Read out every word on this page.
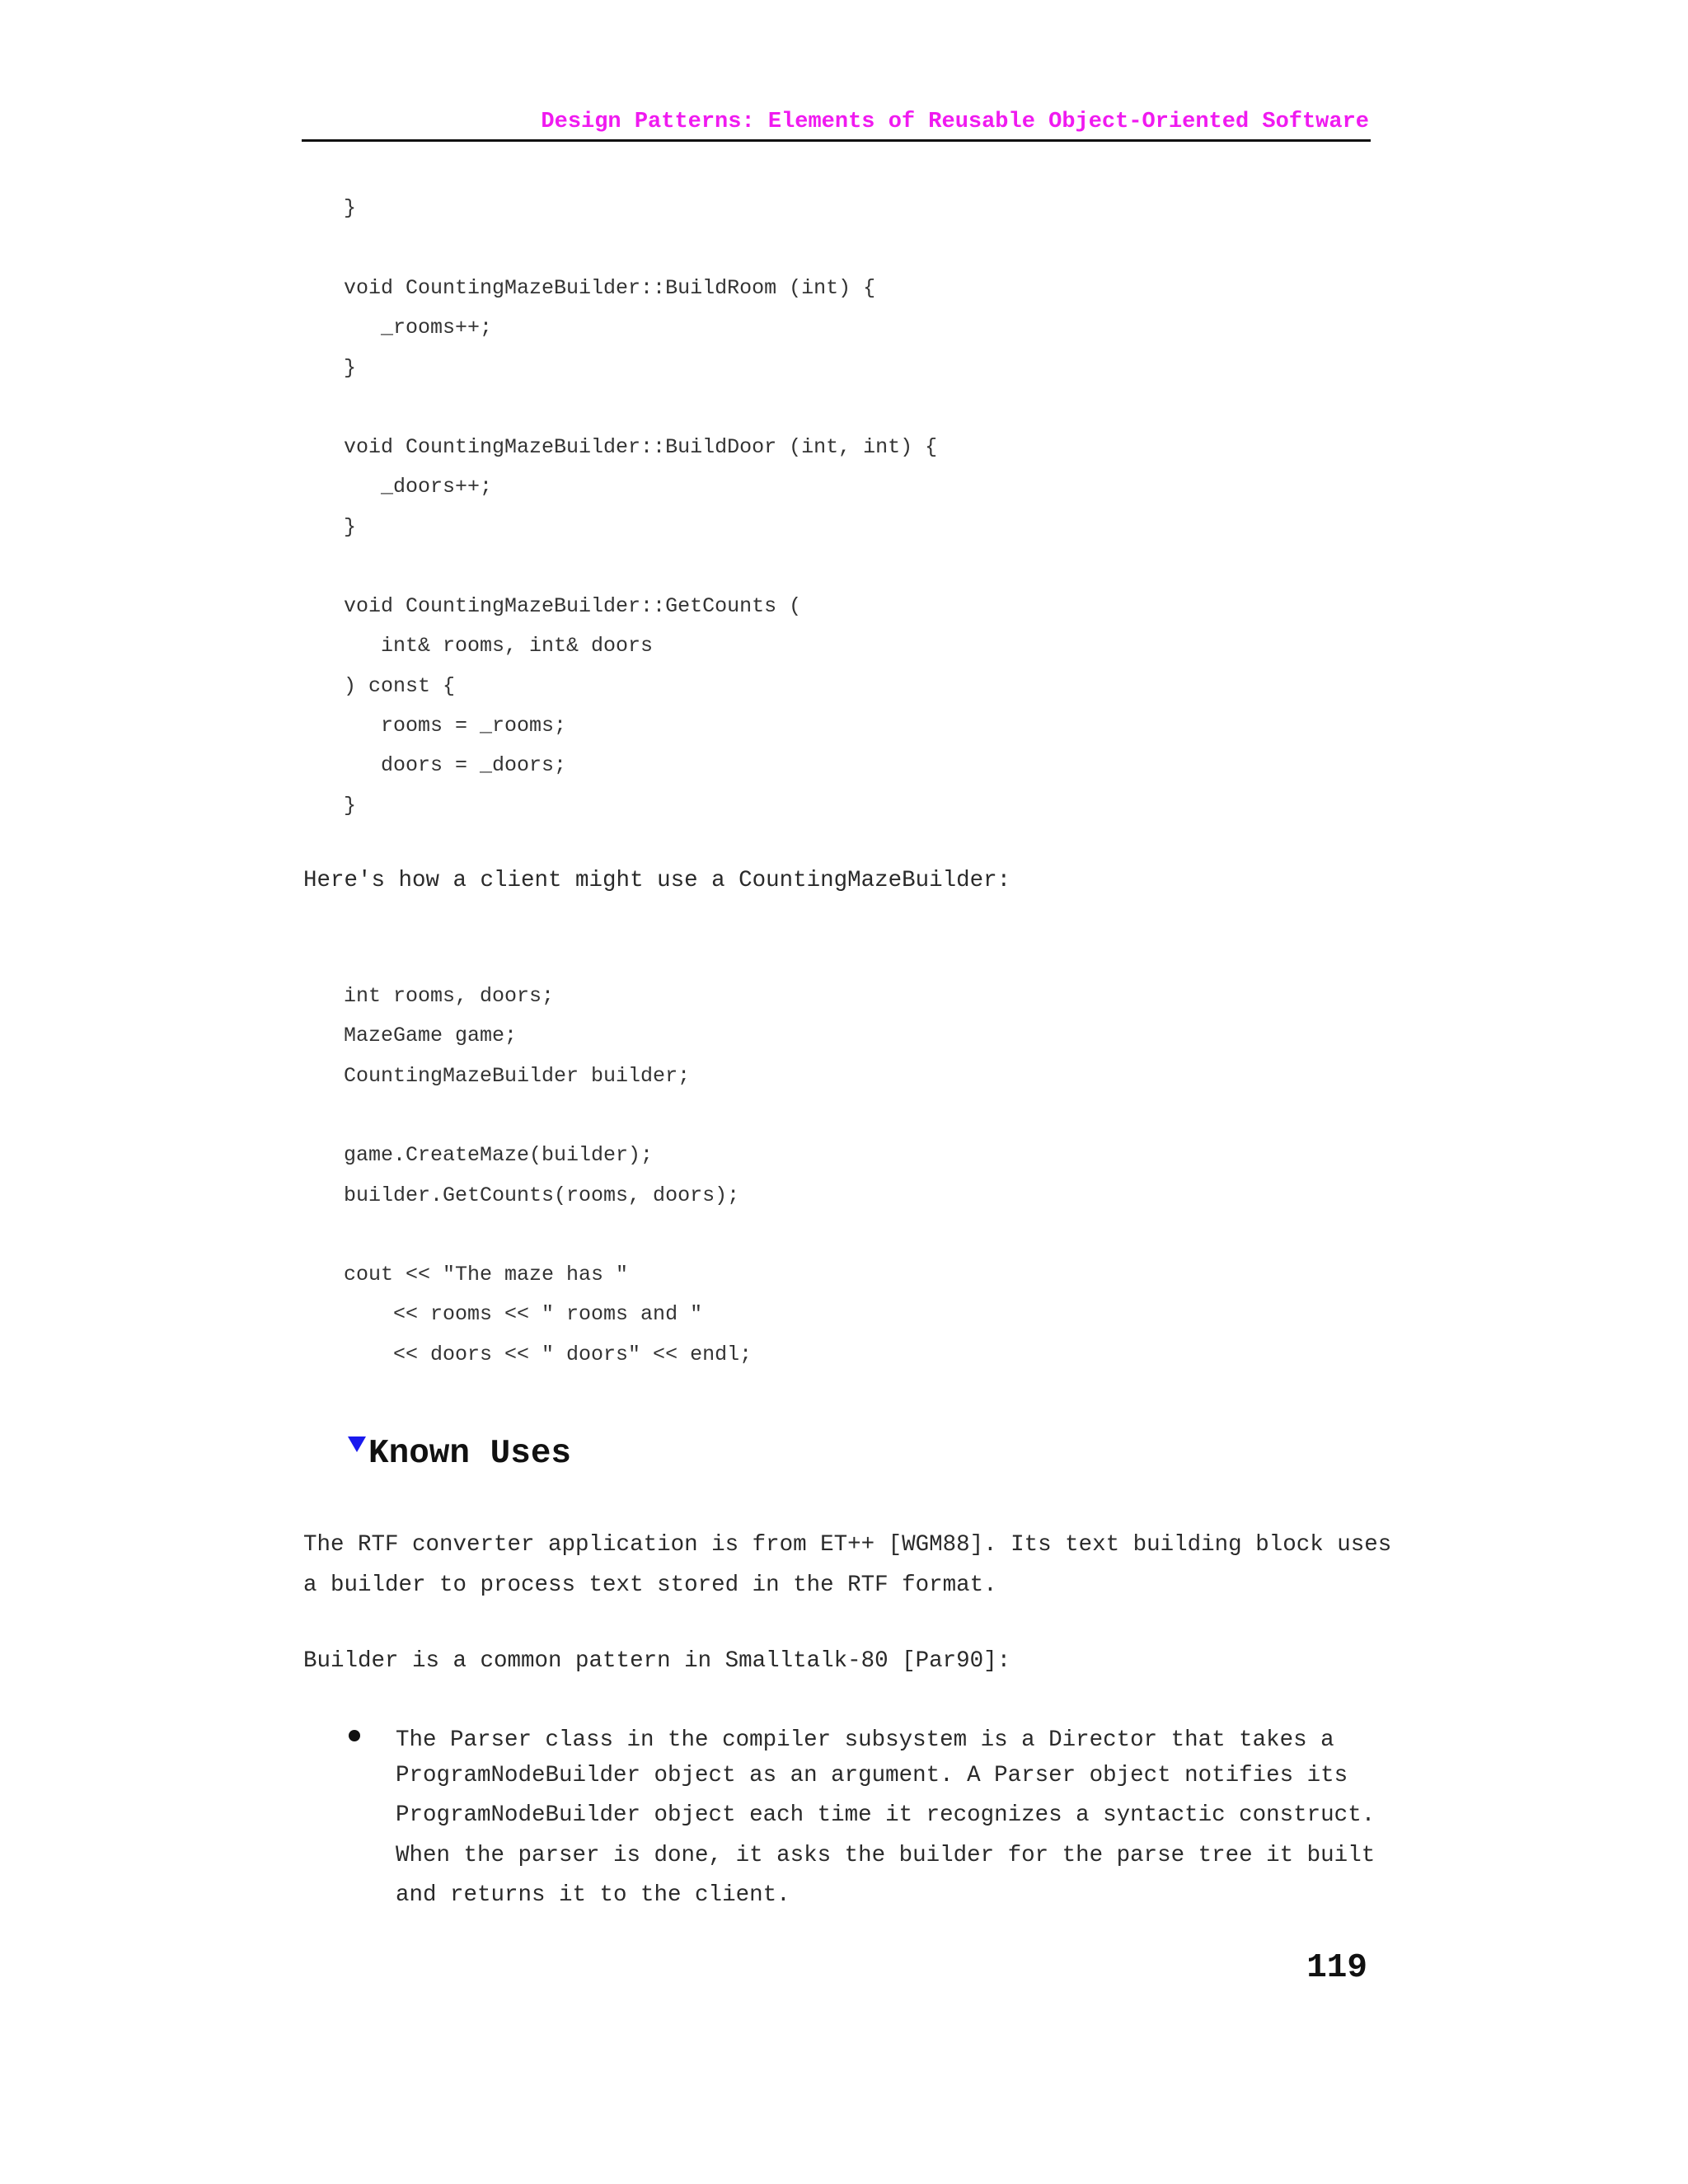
Design Patterns: Elements of Reusable Object-Oriented Software
}
void CountingMazeBuilder::BuildRoom (int) {
_rooms++;
}
void CountingMazeBuilder::BuildDoor (int, int) {
_doors++;
}
void CountingMazeBuilder::GetCounts (
int& rooms, int& doors
) const {
rooms = _rooms;
doors = _doors;
}
Here's how a client might use a CountingMazeBuilder:
int rooms, doors;
MazeGame game;
CountingMazeBuilder builder;
game.CreateMaze(builder);
builder.GetCounts(rooms, doors);
cout << "The maze has "
<< rooms << " rooms and "
<< doors << " doors" << endl;
Known Uses
The RTF converter application is from ET++ [WGM88]. Its text building block uses
a builder to process text stored in the RTF format.
Builder is a common pattern in Smalltalk-80 [Par90]:
The Parser class in the compiler subsystem is a Director that takes a
ProgramNodeBuilder object as an argument. A Parser object notifies its
ProgramNodeBuilder object each time it recognizes a syntactic construct.
When the parser is done, it asks the builder for the parse tree it built
and returns it to the client.
119
